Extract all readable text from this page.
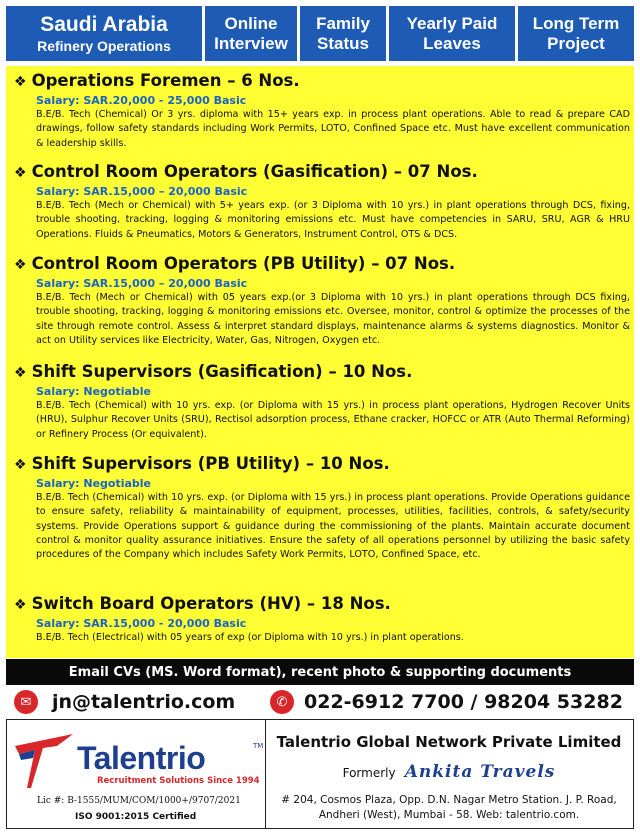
Saudi Arabia
Refinery Operations
Online
Interview
Family
Status
Yearly Paid
Leaves
Long Term
Project
❖ Operations Foremen – 6 Nos.
Salary: SAR.20,000 - 25,000 Basic
B.E/B. Tech (Chemical) Or 3 yrs. diploma with 15+ years exp. in process plant operations. Able to read & prepare CAD drawings, follow safety standards including Work Permits, LOTO, Confined Space etc. Must have excellent communication & leadership skills.
❖ Control Room Operators (Gasification) – 07 Nos.
Salary: SAR.15,000 – 20,000 Basic
B.E/B. Tech (Mech or Chemical) with 5+ years exp. (or 3 Diploma with 10 yrs.) in plant operations through DCS, fixing, trouble shooting, tracking, logging & monitoring emissions etc. Must have competencies in SARU, SRU, AGR & HRU Operations. Fluids & Pneumatics, Motors & Generators, Instrument Control, OTS & DCS.
❖ Control Room Operators (PB Utility) – 07 Nos.
Salary: SAR.15,000 – 20,000 Basic
B.E/B. Tech (Mech or Chemical) with 05 years exp.(or 3 Diploma with 10 yrs.) in plant operations through DCS fixing, trouble shooting, tracking, logging & monitoring emissions etc. Oversee, monitor, control & optimize the processes of the site through remote control. Assess & interpret standard displays, maintenance alarms & systems diagnostics. Monitor & act on Utility services like Electricity, Water, Gas, Nitrogen, Oxygen etc.
❖ Shift Supervisors (Gasification) – 10 Nos.
Salary: Negotiable
B.E/B. Tech (Chemical) with 10 yrs. exp. (or Diploma with 15 yrs.) in process plant operations, Hydrogen Recover Units (HRU), Sulphur Recover Units (SRU), Rectisol adsorption process, Ethane cracker, HOFCC or ATR (Auto Thermal Reforming) or Refinery Process (Or equivalent).
❖ Shift Supervisors (PB Utility) – 10 Nos.
Salary: Negotiable
B.E/B. Tech (Chemical) with 10 yrs. exp. (or Diploma with 15 yrs.) in process plant operations. Provide Operations guidance to ensure safety, reliability & maintainability of equipment, processes, utilities, facilities, controls, & safety/security systems. Provide Operations support & guidance during the commissioning of the plants. Maintain accurate document control & monitor quality assurance initiatives. Ensure the safety of all operations personnel by utilizing the basic safety procedures of the Company which includes Safety Work Permits, LOTO, Confined Space, etc.
❖ Switch Board Operators (HV) – 18 Nos.
Salary: SAR.15,000 - 20,000 Basic
B.E/B. Tech (Electrical) with 05 years of exp (or Diploma with 10 yrs.) in plant operations.
Email CVs (MS. Word format), recent photo & supporting documents
✉	jn@talentrio.com	✆ 022-6912 7700 / 98204 53282
Talentrio	TM
Recruitment Solutions Since 1994
Lic #: B-1555/MUM/COM/1000+/9707/2021
ISO 9001:2015 Certified
Talentrio Global Network Private Limited
Formerly Ankita Travels
# 204, Cosmos Plaza, Opp. D.N. Nagar Metro Station. J. P. Road,
Andheri (West), Mumbai - 58. Web: talentrio.com.
